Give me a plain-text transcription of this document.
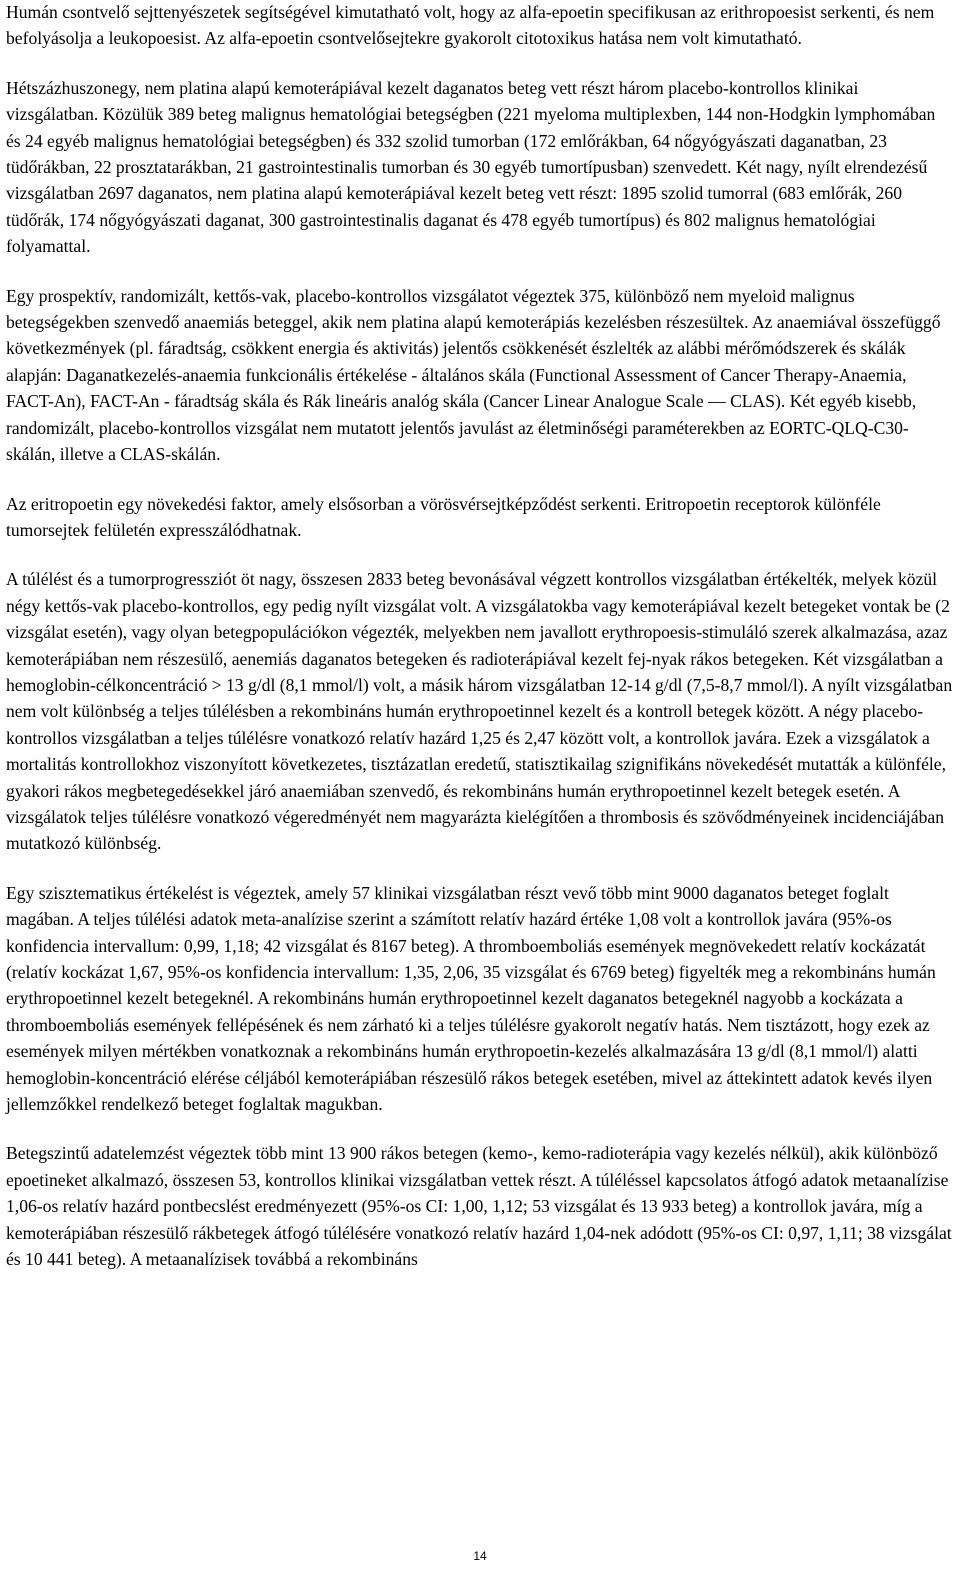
Humán csontvelő sejttenyészetek segítségével kimutatható volt, hogy az alfa-epoetin specifikusan az erithropoesist serkenti, és nem befolyásolja a leukopoesist. Az alfa-epoetin csontvelősejtekre gyakorolt citotoxikus hatása nem volt kimutatható.

Hétszázhuszonegy, nem platina alapú kemoterápiával kezelt daganatos beteg vett részt három placebo-kontrollos klinikai vizsgálatban. Közülük 389 beteg malignus hematológiai betegségben (221 myeloma multiplexben, 144 non-Hodgkin lymphomában és 24 egyéb malignus hematológiai betegségben) és 332 szolid tumorban (172 emlőrákban, 64 nőgyógyászati daganatban, 23 tüdőrákban, 22 prosztatarákban, 21 gastrointestinalis tumorban és 30 egyéb tumortípusban) szenvedett. Két nagy, nyílt elrendezésű vizsgálatban 2697 daganatos, nem platina alapú kemoterápiával kezelt beteg vett részt: 1895 szolid tumorral (683 emlőrák, 260 tüdőrák, 174 nőgyógyászati daganat, 300 gastrointestinalis daganat és 478 egyéb tumortípus) és 802 malignus hematológiai folyamattal.

Egy prospektív, randomizált, kettős-vak, placebo-kontrollos vizsgálatot végeztek 375, különböző nem myeloid malignus betegségekben szenvedő anaemiás beteggel, akik nem platina alapú kemoterápiás kezelésben részesültek. Az anaemiával összefüggő következmények (pl. fáradtság, csökkent energia és aktivitás) jelentős csökkenését észlelték az alábbi mérőmódszerek és skálák alapján: Daganatkezelés-anaemia funkcionális értékelése - általános skála (Functional Assessment of Cancer Therapy-Anaemia, FACT-An), FACT-An - fáradtság skála és Rák lineáris analóg skála (Cancer Linear Analogue Scale — CLAS). Két egyéb kisebb, randomizált, placebo-kontrollos vizsgálat nem mutatott jelentős javulást az életminőségi paraméterekben az EORTC-QLQ-C30-skálán, illetve a CLAS-skálán.

Az eritropoetin egy növekedési faktor, amely elsősorban a vörösvérsejtképződést serkenti. Eritropoetin receptorok különféle tumorsejtek felületén expresszálódhatnak.

A túlélést és a tumorprogressziót öt nagy, összesen 2833 beteg bevonásával végzett kontrollos vizsgálatban értékelték, melyek közül négy kettős-vak placebo-kontrollos, egy pedig nyílt vizsgálat volt. A vizsgálatokba vagy kemoterápiával kezelt betegeket vontak be (2 vizsgálat esetén), vagy olyan betegpopulációkon végezték, melyekben nem javallott erythropoesis-stimuláló szerek alkalmazása, azaz kemoterápiában nem részesülő, aenemiás daganatos betegeken és radioterápiával kezelt fej-nyak rákos betegeken. Két vizsgálatban a hemoglobin-célkoncentráció > 13 g/dl (8,1 mmol/l) volt, a másik három vizsgálatban 12-14 g/dl (7,5-8,7 mmol/l). A nyílt vizsgálatban nem volt különbség a teljes túlélésben a rekombináns humán erythropoetinnel kezelt és a kontroll betegek között. A négy placebo-kontrollos vizsgálatban a teljes túlélésre vonatkozó relatív hazárd 1,25 és 2,47 között volt, a kontrollok javára. Ezek a vizsgálatok a mortalitás kontrollokhoz viszonyított következetes, tisztázatlan eredetű, statisztikailag szignifikáns növekedését mutatták a különféle, gyakori rákos megbetegedésekkel járó anaemiában szenvedő, és rekombináns humán erythropoetinnel kezelt betegek esetén. A vizsgálatok teljes túlélésre vonatkozó végeredményét nem magyarázta kielégítően a thrombosis és szövődményeinek incidenciájában mutatkozó különbség.

Egy szisztematikus értékelést is végeztek, amely 57 klinikai vizsgálatban részt vevő több mint 9000 daganatos beteget foglalt magában. A teljes túlélési adatok meta-analízise szerint a számított relatív hazárd értéke 1,08 volt a kontrollok javára (95%-os konfidencia intervallum: 0,99, 1,18; 42 vizsgálat és 8167 beteg). A thromboemboliás események megnövekedett relatív kockázatát (relatív kockázat 1,67, 95%-os konfidencia intervallum: 1,35, 2,06, 35 vizsgálat és 6769 beteg) figyelték meg a rekombináns humán erythropoetinnel kezelt betegeknél. A rekombináns humán erythropoetinnel kezelt daganatos betegeknél nagyobb a kockázata a thromboemboliás események fellépésének és nem zárható ki a teljes túlélésre gyakorolt negatív hatás. Nem tisztázott, hogy ezek az események milyen mértékben vonatkoznak a rekombináns humán erythropoetin-kezelés alkalmazására 13 g/dl (8,1 mmol/l) alatti hemoglobin-koncentráció elérése céljából kemoterápiában részesülő rákos betegek esetében, mivel az áttekintett adatok kevés ilyen jellemzőkkel rendelkező beteget foglaltak magukban.

Betegszintű adatelemzést végeztek több mint 13 900 rákos betegen (kemo-, kemo-radioterápia vagy kezelés nélkül), akik különböző epoetineket alkalmazó, összesen 53, kontrollos klinikai vizsgálatban vettek részt. A túléléssel kapcsolatos átfogó adatok metaanalízise 1,06-os relatív hazárd pontbecslést eredményezett (95%-os CI: 1,00, 1,12; 53 vizsgálat és 13 933 beteg) a kontrollok javára, míg a kemoterápiában részesülő rákbetegek átfogó túlélésére vonatkozó relatív hazárd 1,04-nek adódott (95%-os CI: 0,97, 1,11; 38 vizsgálat és 10 441 beteg). A metaanalízisek továbbá a rekombináns

14
